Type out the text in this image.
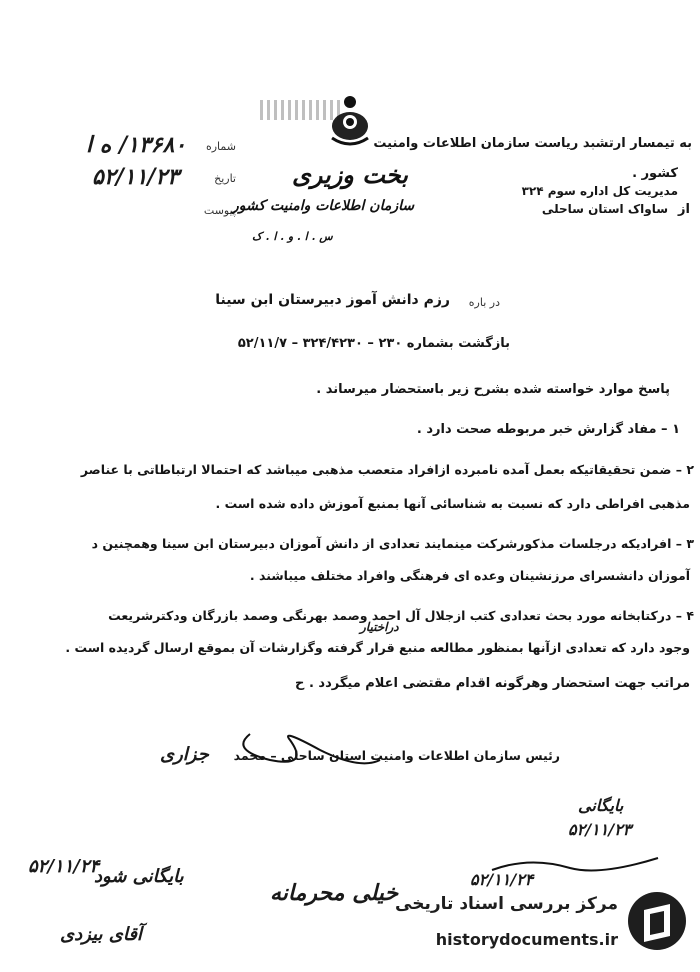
شماره
۱۳۶۸۰/ ه ا
تاریخ
۵۲/۱۱/۲۳
پیوست
به تیمسار ارتشبد ریاست سازمان اطلاعات وامنیت
کشور .
مدیریت کل اداره سوم ۳۲۴
از
ساواک استان ساحلی
بخت وزیری
سازمان اطلاعات وامنیت کشور
س . ا . و . ا . ک
در باره
رزم دانش آموز دبیرستان ابن سینا
بازگشت بشماره ۲۳۰ – ۳۲۴/۴۲۳۰ – ۵۲/۱۱/۷
پاسخ موارد خواسته شده بشرح زیر باستحضار میرساند .
۱ – مفاد گزارش خبر مربوطه صحت دارد .
۲ – ضمن تحقیقاتیکه بعمل آمده نامبرده ازافراد متعصب مذهبی میباشد که احتمالا ارتباطاتی با عناصر
مذهبی افراطی دارد که نسبت به شناسائی آنها بمنبع آموزش داده شده است .
۳ – افرادیکه درجلسات مذکورشرکت مینمایند تعدادی از دانش آموزان دبیرستان ابن سینا وهمچنین د
آموزان دانشسرای مرزنشینان وعده ای فرهنگی وافراد مختلف میباشند .
۴ – درکتابخانه مورد بحث تعدادی کتب ازجلال آل احمد وصمد بهرنگی وصمد بازرگان ودکترشریعت
دراختیار
وجود دارد که تعدادی ازآنها بمنظور مطالعه منبع قرار گرفته وگزارشات آن بموقع ارسال گردیده است .
مراتب جهت استحضار وهرگونه اقدام مقتضی اعلام میگردد . ح
رئیس سازمان اطلاعات وامنیت استان ساحلی – محمد
جزاری
بایگانی
۵۲/۱۱/۲۳
۵۲/۱۱/۲۴
خیلی محرمانه
۵۲/۱۱/۲۴
بایگانی شود
آقای بیزدی
مرکز بررسی اسناد تاریخی
historydocuments.ir
